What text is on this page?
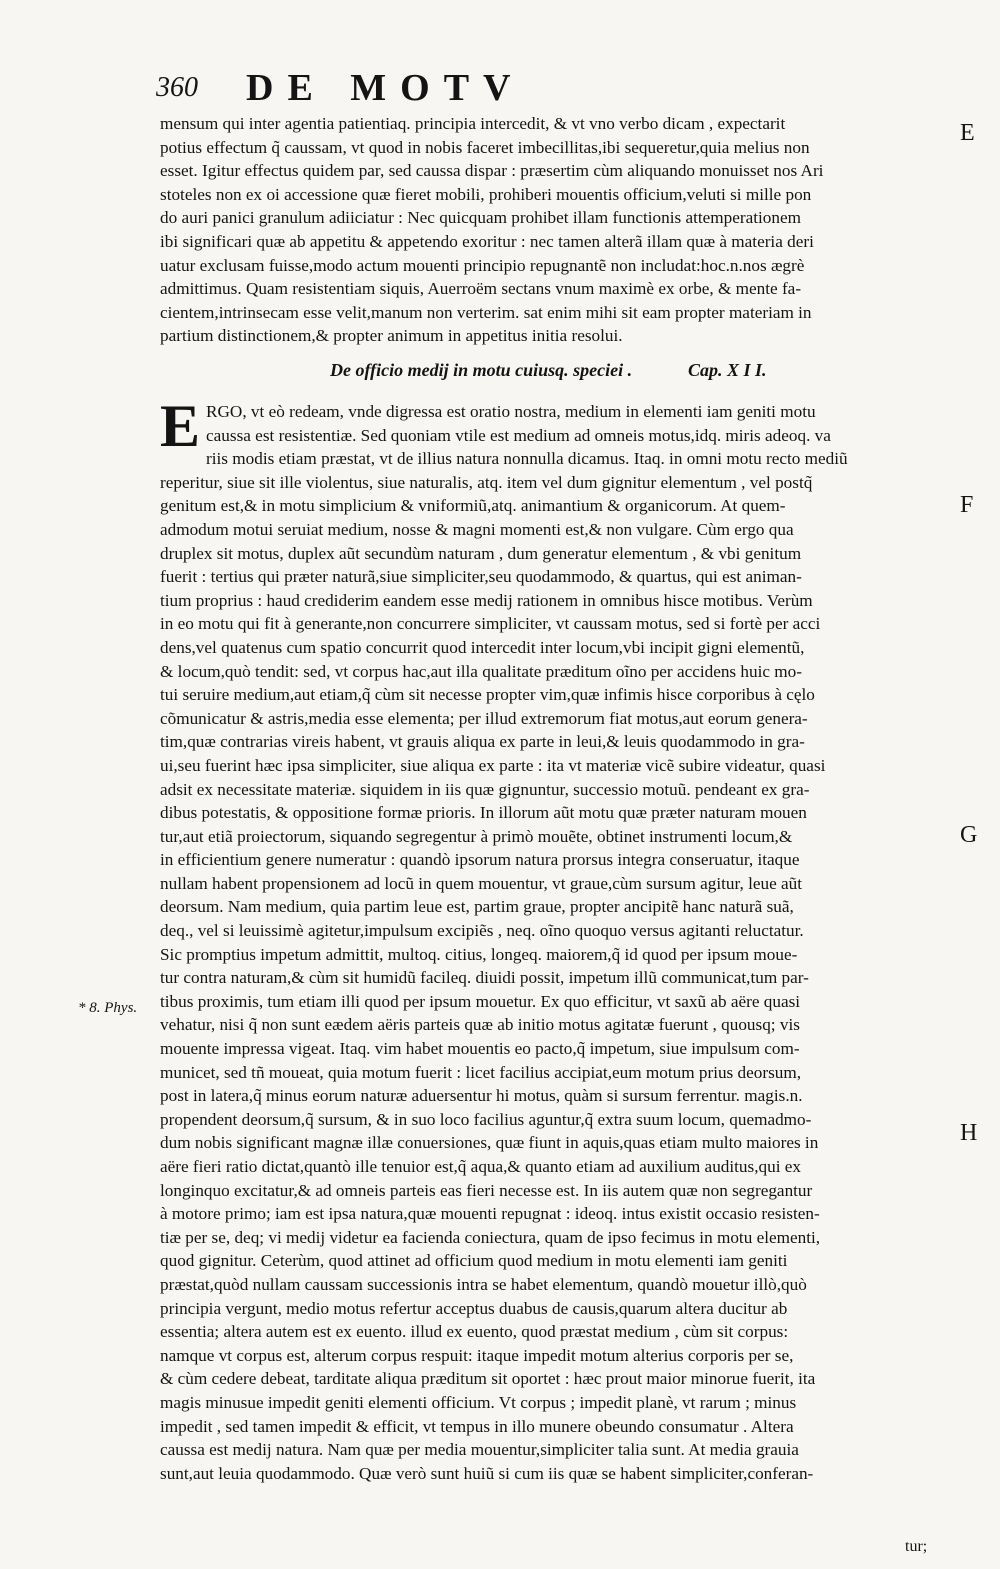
360 DE MOTV
mensum qui inter agentia patientiaq. principia intercedit, & vt vno verbo dicam , expectarit
potius effectum q̃ caussam, vt quod in nobis faceret imbecillitas,ibi sequeretur,quia melius non
esset. Igitur effectus quidem par, sed caussa dispar : præsertim cùm aliquando monuisset nos Ari
stoteles non ex oi accessione quæ fieret mobili, prohiberi mouentis officium,veluti si mille pon
do auri panici granulum adiiciatur : Nec quicquam prohibet illam functionis attemperationem
ibi significari quæ ab appetitu & appetendo exoritur : nec tamen alterã illam quæ à materia deri
uatur exclusam fuisse,modo actum mouenti principio repugnantẽ non includat:hoc.n.nos ægrè
admittimus. Quam resistentiam siquis, Auerroëm sectans vnum maximè ex orbe, & mente fa-
cientem,intrinsecam esse velit,manum non verterim. sat enim mihi sit eam propter materiam in
partium distinctionem,& propter animum in appetitus initia resolui.
De officio medij in motu cuiusq. speciei .	Cap. X I I.
E RGO, vt eò redeam, vnde digressa est oratio nostra, medium in elementi iam geniti motu
caussa est resistentiæ. Sed quoniam vtile est medium ad omneis motus,idq. miris adeoq. va
riis modis etiam præstat, vt de illius natura nonnulla dicamus. Itaq. in omni motu recto mediũ
reperitur, siue sit ille violentus, siue naturalis, atq. item vel dum gignitur elementum , vel postq̃
genitum est,& in motu simplicium & vniformiũ,atq. animantium & organicorum. At quem-
admodum motui seruiat medium, nosse & magni momenti est,& non vulgare. Cùm ergo qua
druplex sit motus, duplex aũt secundùm naturam , dum generatur elementum , & vbi genitum
fuerit : tertius qui præter naturã,siue simpliciter,seu quodammodo, & quartus, qui est animan-
tium proprius : haud crediderim eandem esse medij rationem in omnibus hisce motibus. Verùm
in eo motu qui fit à generante,non concurrere simpliciter, vt caussam motus, sed si fortè per acci
dens,vel quatenus cum spatio concurrit quod intercedit inter locum,vbi incipit gigni elementũ,
& locum,quò tendit: sed, vt corpus hac,aut illa qualitate præditum oĩno per accidens huic mo-
tui seruire medium,aut etiam,q̃ cùm sit necesse propter vim,quæ infimis hisce corporibus à cęlo
cõmunicatur & astris,media esse elementa; per illud extremorum fiat motus,aut eorum genera-
tim,quæ contrarias vireis habent, vt grauis aliqua ex parte in leui,& leuis quodammodo in gra-
ui,seu fuerint hæc ipsa simpliciter, siue aliqua ex parte : ita vt materiæ vicẽ subire videatur, quasi
adsit ex necessitate materiæ. siquidem in iis quæ gignuntur, successio motuũ. pendeant ex gra-
dibus potestatis, & oppositione formæ prioris. In illorum aũt motu quæ præter naturam mouen
tur,aut etiã proiectorum, siquando segregentur à primò mouẽte, obtinet instrumenti locum,&
in efficientium genere numeratur : quandò ipsorum natura prorsus integra conseruatur, itaque
nullam habent propensionem ad locũ in quem mouentur, vt graue,cùm sursum agitur, leue aũt
deorsum. Nam medium, quia partim leue est, partim graue, propter ancipitẽ hanc naturã suã,
deq., vel si leuissimè agitetur,impulsum excipiẽs , neq. oĩno quoquo versus agitanti reluctatur.
Sic promptius impetum admittit, multoq. citius, longeq. maiorem,q̃ id quod per ipsum moue-
tur contra naturam,& cùm sit humidũ facileq. diuidi possit, impetum illũ communicat,tum par-
tibus proximis, tum etiam illi quod per ipsum mouetur. Ex quo efficitur, vt saxũ ab aëre quasi
vehatur, nisi q̃ non sunt eædem aëris parteis quæ ab initio motus agitatæ fuerunt , quousq; vis
mouente impressa vigeat. Itaq. vim habet mouentis eo pacto,q̃ impetum, siue impulsum com-
municet, sed tñ moueat, quia motum fuerit : licet facilius accipiat,eum motum prius deorsum,
post in latera,q̃ minus eorum naturæ aduersentur hi motus, quàm si sursum ferrentur. magis.n.
propendent deorsum,q̃ sursum, & in suo loco facilius aguntur,q̃ extra suum locum, quemadmo-
dum nobis significant magnæ illæ conuersiones, quæ fiunt in aquis,quas etiam multo maiores in
aëre fieri ratio dictat,quantò ille tenuior est,q̃ aqua,& quanto etiam ad auxilium auditus,qui ex
longinquo excitatur,& ad omneis parteis eas fieri necesse est. In iis autem quæ non segregantur
à motore primo; iam est ipsa natura,quæ mouenti repugnat : ideoq. intus existit occasio resisten-
tiæ per se, deq; vi medij videtur ea facienda coniectura, quam de ipso fecimus in motu elementi,
quod gignitur. Ceterùm, quod attinet ad officium quod medium in motu elementi iam geniti
præstat,quòd nullam caussam successionis intra se habet elementum, quandò mouetur illò,quò
principia vergunt, medio motus refertur acceptus duabus de causis,quarum altera ducitur ab
essentia; altera autem est ex euento. illud ex euento, quod præstat medium , cùm sit corpus:
namque vt corpus est, alterum corpus respuit: itaque impedit motum alterius corporis per se,
& cùm cedere debeat, tarditate aliqua præditum sit oportet : hæc prout maior minorue fuerit, ita
magis minusue impedit geniti elementi officium. Vt corpus ; impedit planè, vt rarum ; minus
impedit , sed tamen impedit & efficit, vt tempus in illo munere obeundo consumatur . Altera
caussa est medij natura. Nam quæ per media mouentur,simpliciter talia sunt. At media grauia
sunt,aut leuia quodammodo. Quæ verò sunt huiũ si cum iis quæ se habent simpliciter,conferan-
E
F
G
H
* 8. Phys.
tur;
